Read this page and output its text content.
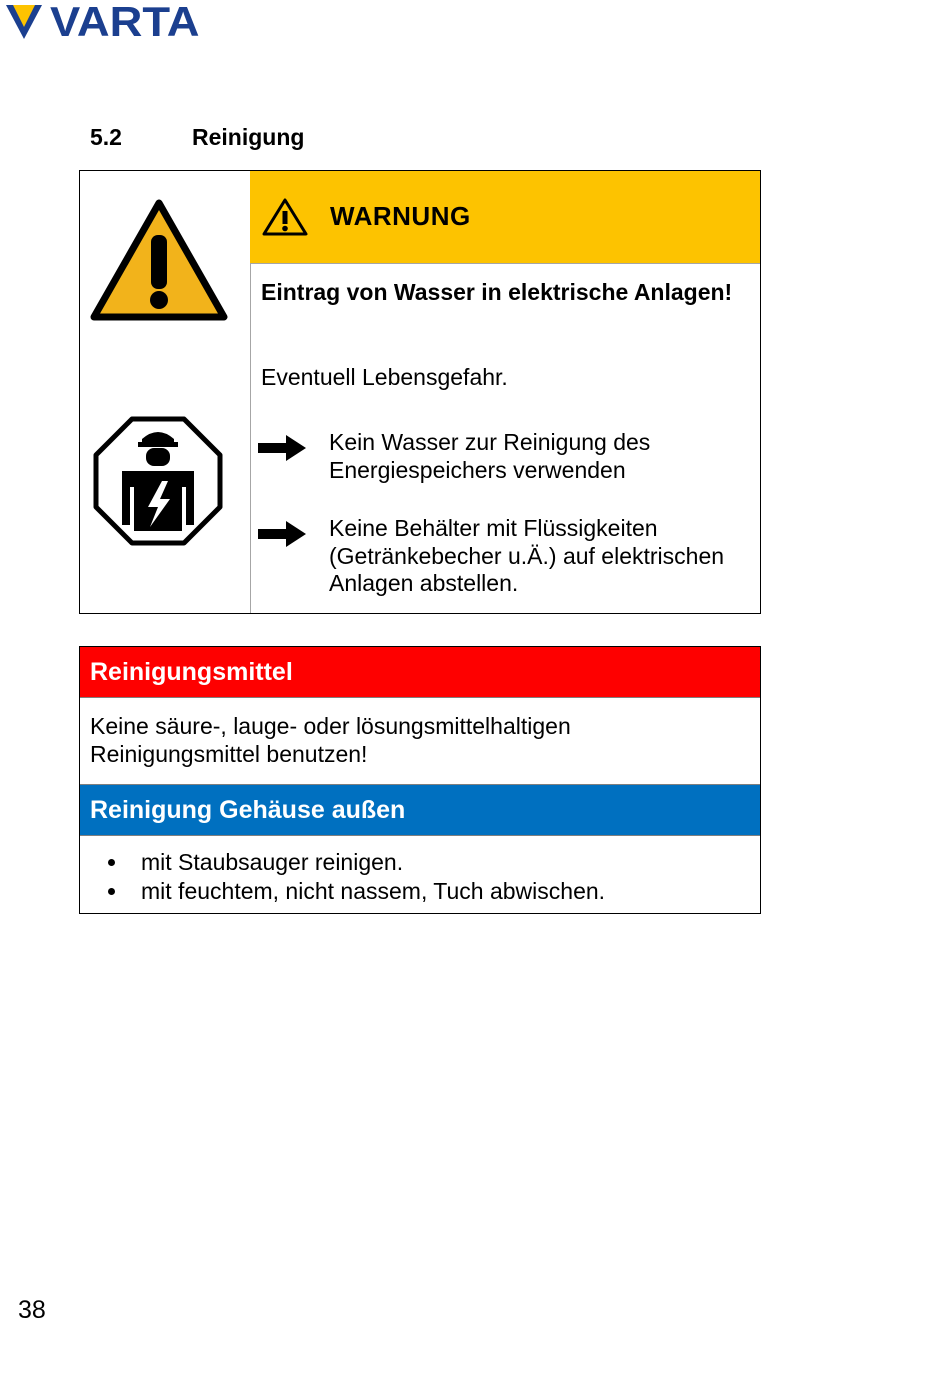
VARTA
5.2	Reinigung
WARNUNG
Eintrag von Wasser in elektrische Anlagen!
Eventuell Lebensgefahr.
Kein Wasser zur Reinigung des Energiespeichers verwenden
Keine Behälter mit Flüssigkeiten (Getränkebecher u.Ä.) auf elektrischen Anlagen abstellen.
Reinigungsmittel
Keine säure-, lauge- oder lösungsmittelhaltigen Reinigungsmittel benutzen!
Reinigung Gehäuse außen
mit Staubsauger reinigen.
mit feuchtem, nicht nassem, Tuch abwischen.
38
